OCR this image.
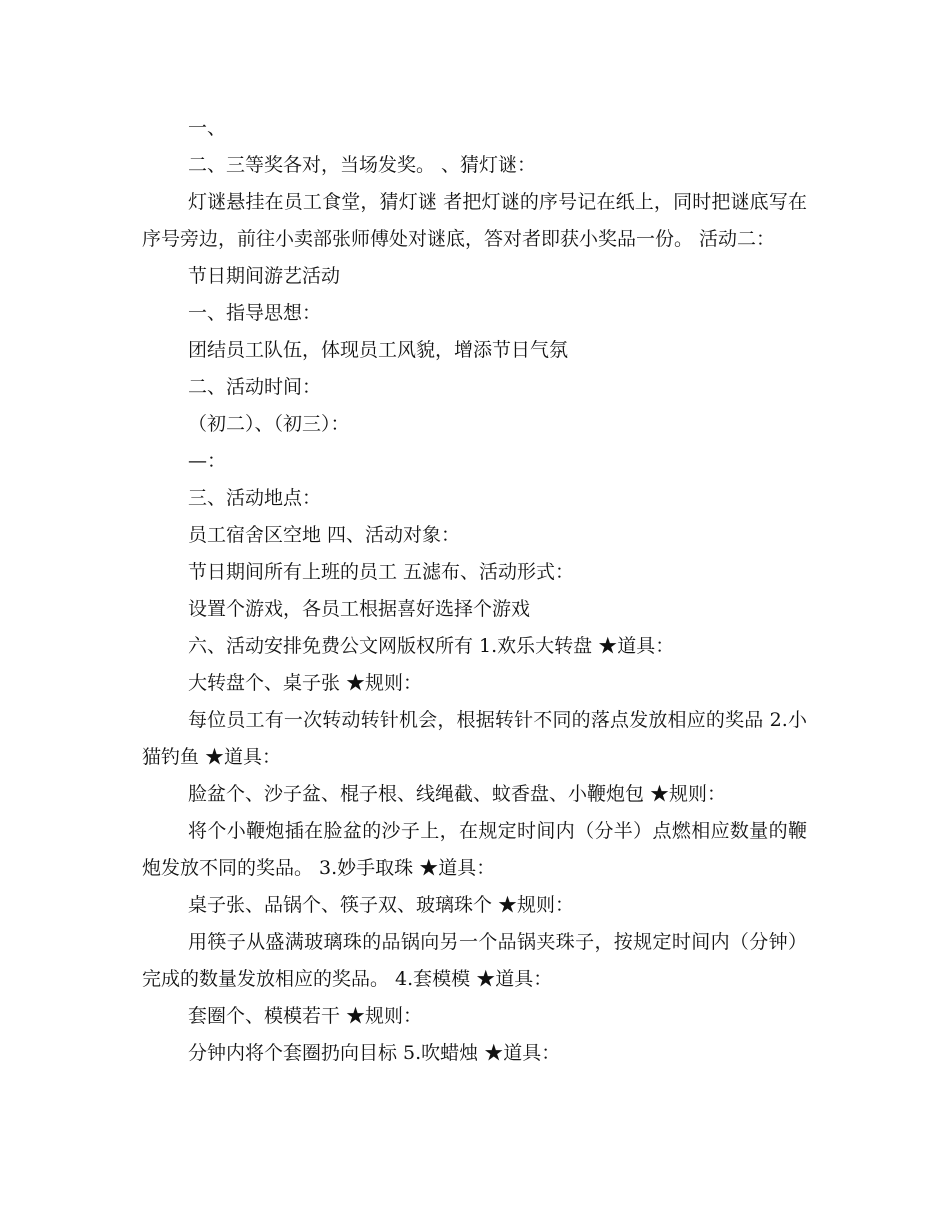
一、

二、三等奖各对，当场发奖。 、猜灯谜：

灯谜悬挂在员工食堂，猜灯谜 者把灯谜的序号记在纸上，同时把谜底写在序号旁边，前往小卖部张师傅处对谜底，答对者即获小奖品一份。 活动二：

节日期间游艺活动

一、指导思想：

团结员工队伍，体现员工风貌，增添节日气氛

二、活动时间：

（初二）、（初三）：

—：

三、活动地点：

员工宿舍区空地 四、活动对象：

节日期间所有上班的员工 五滤布、活动形式：

设置个游戏，各员工根据喜好选择个游戏

六、活动安排免费公文网版权所有 1.欢乐大转盘 ★道具：

大转盘个、桌子张 ★规则：

每位员工有一次转动转针机会，根据转针不同的落点发放相应的奖品 2.小猫钓鱼 ★道具：

脸盆个、沙子盆、棍子根、线绳截、蚊香盘、小鞭炮包 ★规则：

将个小鞭炮插在脸盆的沙子上，在规定时间内（分半）点燃相应数量的鞭炮发放不同的奖品。 3.妙手取珠 ★道具：

桌子张、品锅个、筷子双、玻璃珠个 ★规则：

用筷子从盛满玻璃珠的品锅向另一个品锅夹珠子，按规定时间内（分钟）完成的数量发放相应的奖品。 4.套模模 ★道具：

套圈个、模模若干 ★规则：

分钟内将个套圈扔向目标 5.吹蜡烛 ★道具：
